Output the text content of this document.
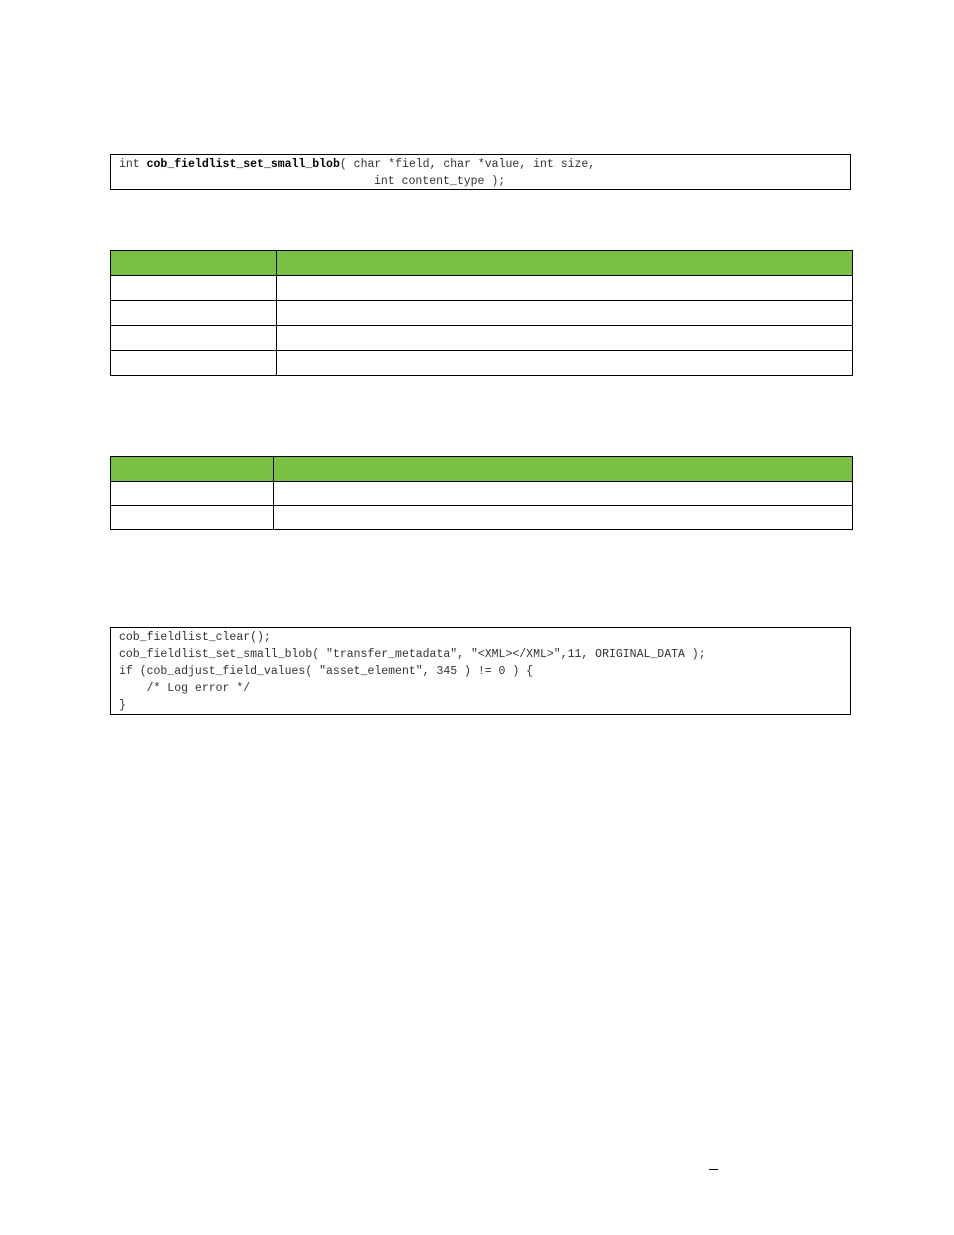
int cob_fieldlist_set_small_blob( char *field, char *value, int size,
int content_type );

cob_fieldlist_clear();
cob_fieldlist_set_small_blob( "transfer_metadata", "<XML></XML>",11, ORIGINAL_DATA );
if (cob_adjust_field_values( "asset_element", 345 ) != 0 ) {
/* Log error */
}
